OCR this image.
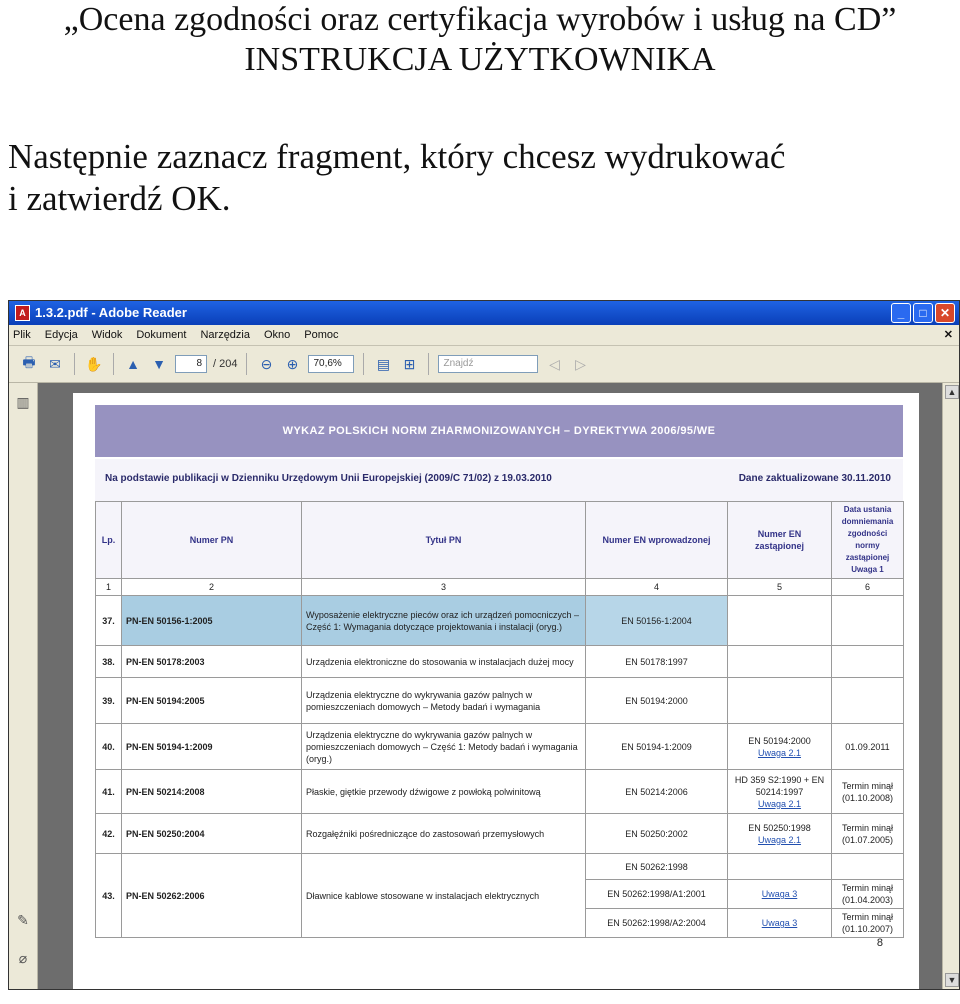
„Ocena zgodności oraz certyfikacja wyrobów i usług na CD”
INSTRUKCJA UŻYTKOWNIKA
Następnie zaznacz fragment, który chcesz wydrukować
i zatwierdź OK.
A 1.3.2.pdf - Adobe Reader	_	□	✕
Plik Edycja Widok Dokument Narzędzia Okno Pomoc	✕
🖶 ✉ ✋ ▲ ▼	8	/ 204 ⊖ ⊕	70,6%	▤ ⊞	Znajdź	◁	▷
▥
✎
⌀
▲
▼
WYKAZ POLSKICH NORM ZHARMONIZOWANYCH – DYREKTYWA 2006/95/WE
Na podstawie publikacji w Dzienniku Urzędowym Unii Europejskiej (2009/C 71/02) z 19.03.2010	Dane zaktualizowane 30.11.2010
Lp.	Numer PN	Tytuł PN	Numer EN wprowadzonej	Numer EN zastąpionej	Data ustania domniemania zgodności normy zastąpionej Uwaga 1
1	2	3	4	5	6
37.	PN-EN 50156-1:2005	Wyposażenie elektryczne pieców oraz ich urządzeń pomocniczych – Część 1: Wymagania dotyczące projektowania i instalacji (oryg.)	EN 50156-1:2004		
38.	PN-EN 50178:2003	Urządzenia elektroniczne do stosowania w instalacjach dużej mocy	EN 50178:1997		
39.	PN-EN 50194:2005	Urządzenia elektryczne do wykrywania gazów palnych w pomieszczeniach domowych – Metody badań i wymagania	EN 50194:2000		
40.	PN-EN 50194-1:2009	Urządzenia elektryczne do wykrywania gazów palnych w pomieszczeniach domowych – Część 1: Metody badań i wymagania (oryg.)	EN 50194-1:2009	EN 50194:2000
Uwaga 2.1	01.09.2011
41.	PN-EN 50214:2008	Płaskie, giętkie przewody dźwigowe z powłoką polwinitową	EN 50214:2006	HD 359 S2:1990 + EN 50214:1997
Uwaga 2.1	Termin minął (01.10.2008)
42.	PN-EN 50250:2004	Rozgałęźniki pośredniczące do zastosowań przemysłowych	EN 50250:2002	EN 50250:1998
Uwaga 2.1	Termin minął (01.07.2005)
43.	PN-EN 50262:2006	Dławnice kablowe stosowane w instalacjach elektrycznych	EN 50262:1998		
			EN 50262:1998/A1:2001	Uwaga 3	Termin minął (01.04.2003)
			EN 50262:1998/A2:2004	Uwaga 3	Termin minął (01.10.2007)
8
